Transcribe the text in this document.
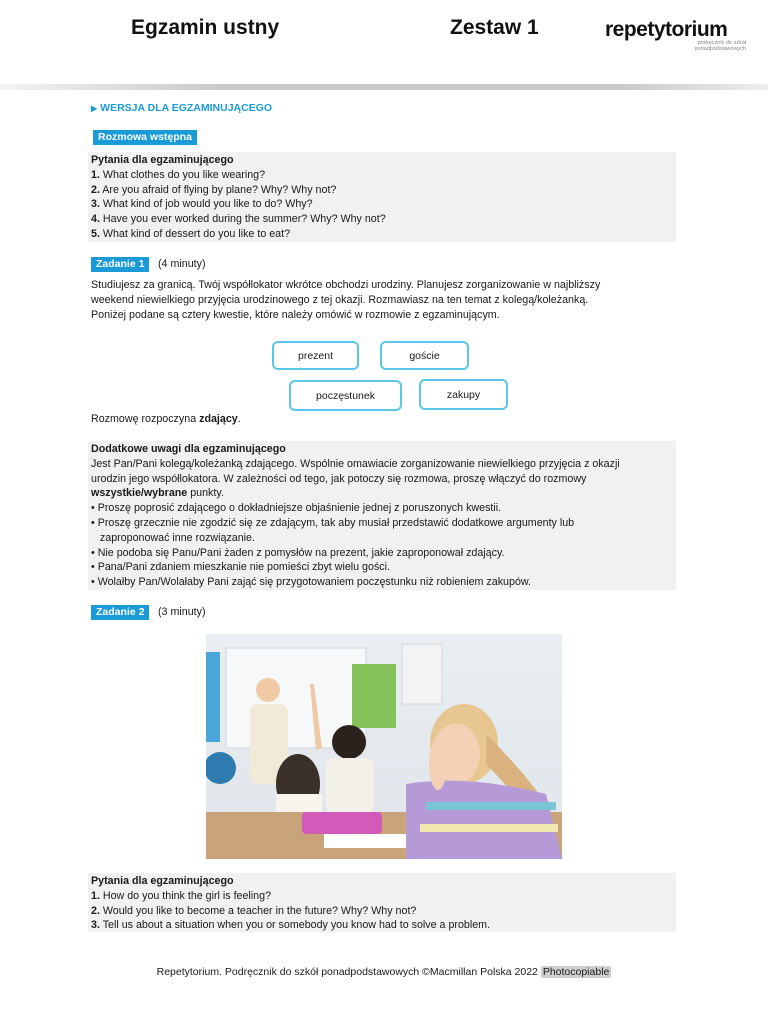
Egzamin ustny	Zestaw 1	repetytorium
podręcznik do szkół ponadpodstawowych
▶ WERSJA DLA EGZAMINUJĄCEGO
Rozmowa wstępna
Pytania dla egzaminującego
1. What clothes do you like wearing?
2. Are you afraid of flying by plane? Why? Why not?
3. What kind of job would you like to do? Why?
4. Have you ever worked during the summer? Why? Why not?
5. What kind of dessert do you like to eat?
Zadanie 1	(4 minuty)
Studiujesz za granicą. Twój współlokator wkrótce obchodzi urodziny. Planujesz zorganizowanie w najbliższy
weekend niewielkiego przyjęcia urodzinowego z tej okazji. Rozmawiasz na ten temat z kolegą/koleżanką.
Poniżej podane są cztery kwestie, które należy omówić w rozmowie z egzaminującym.
prezent	goście
poczęstunek	zakupy
Rozmowę rozpoczyna zdający.
Dodatkowe uwagi dla egzaminującego
Jest Pan/Pani kolegą/koleżanką zdającego. Wspólnie omawiacie zorganizowanie niewielkiego przyjęcia z okazji
urodzin jego współlokatora. W zależności od tego, jak potoczy się rozmowa, proszę włączyć do rozmowy
wszystkie/wybrane punkty.
• Proszę poprosić zdającego o dokładniejsze objaśnienie jednej z poruszonych kwestii.
• Proszę grzecznie nie zgodzić się ze zdającym, tak aby musiał przedstawić dodatkowe argumenty lub
zaproponować inne rozwiązanie.
• Nie podoba się Panu/Pani żaden z pomysłów na prezent, jakie zaproponował zdający.
• Pana/Pani zdaniem mieszkanie nie pomieści zbyt wielu gości.
• Wolałby Pan/Wolałaby Pani zająć się przygotowaniem poczęstunku niż robieniem zakupów.
Zadanie 2	(3 minuty)
Pytania dla egzaminującego
1. How do you think the girl is feeling?
2. Would you like to become a teacher in the future? Why? Why not?
3. Tell us about a situation when you or somebody you know had to solve a problem.
Repetytorium. Podręcznik do szkół ponadpodstawowych ©Macmillan Polska 2022 Photocopiable
